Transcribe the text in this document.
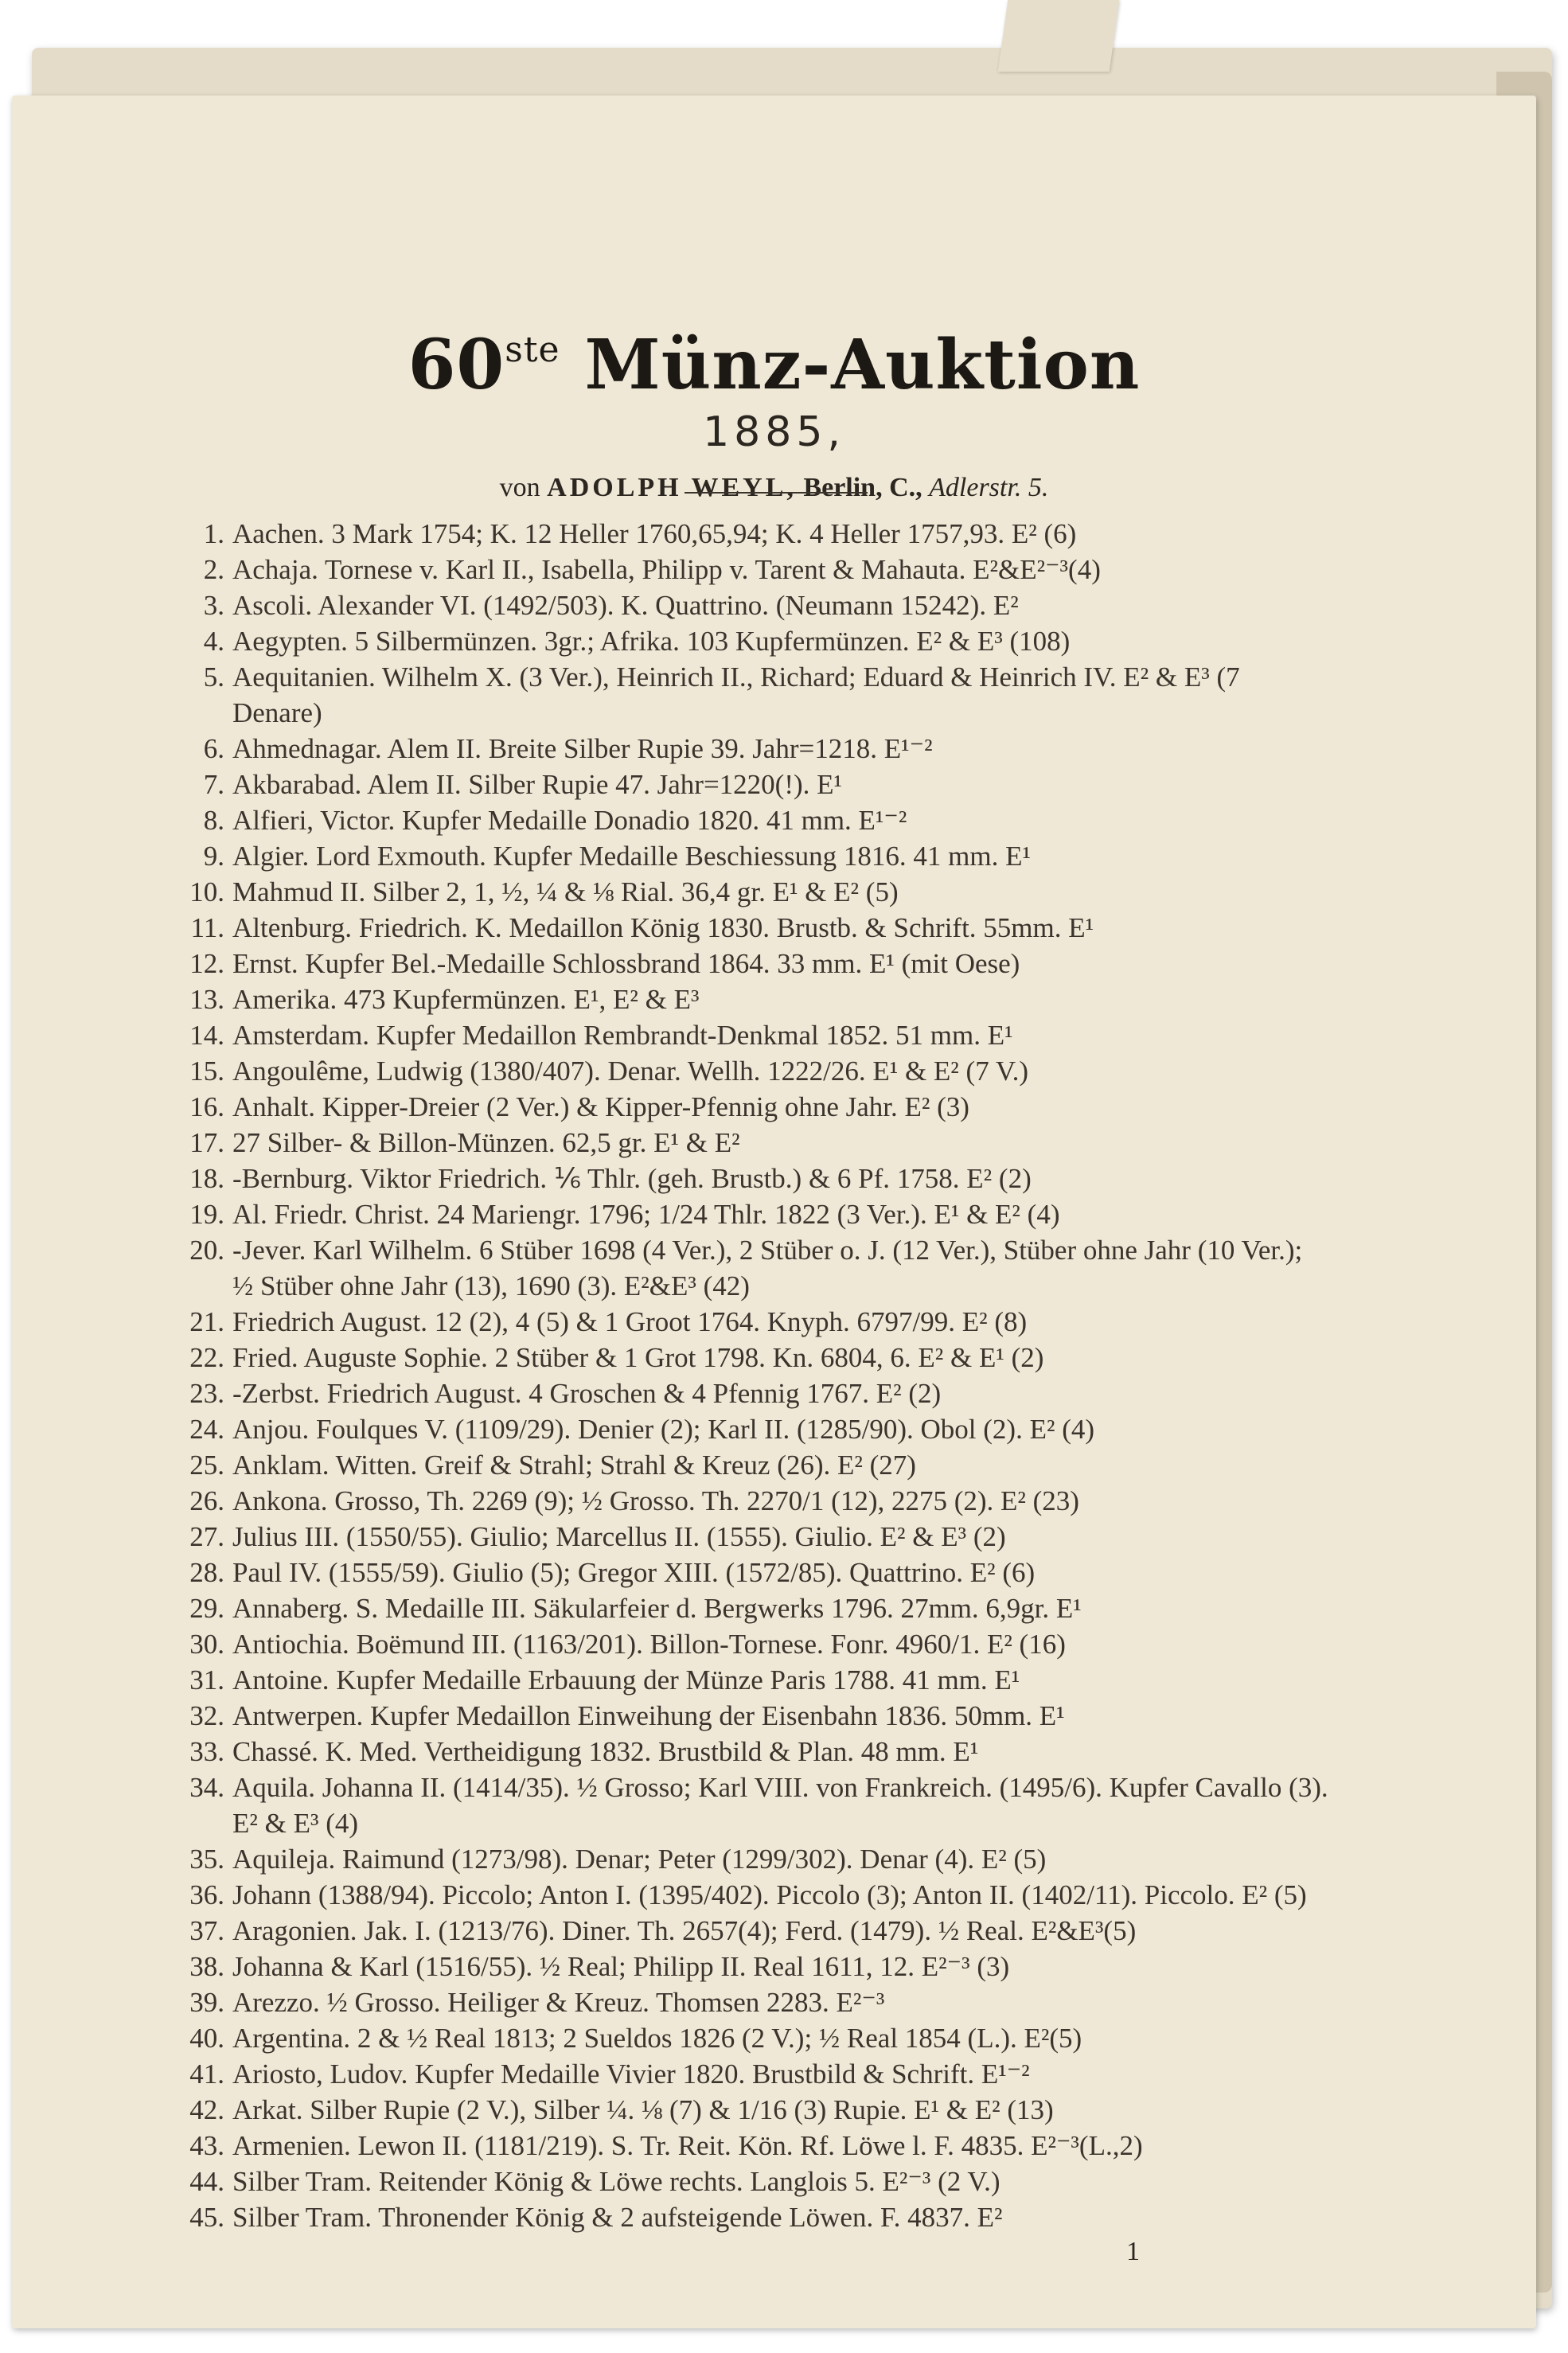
60ste Münz-Auktion
1885,
von ADOLPH WEYL, Berlin, C., Adlerstr. 5.
1. Aachen. 3 Mark 1754; K. 12 Heller 1760,65,94; K. 4 Heller 1757,93. E² (6)
2. Achaja. Tornese v. Karl II., Isabella, Philipp v. Tarent & Mahauta. E²&E²⁻³(4)
3. Ascoli. Alexander VI. (1492/503). K. Quattrino. (Neumann 15242). E²
4. Aegypten. 5 Silbermünzen. 3gr.; Afrika. 103 Kupfermünzen. E² & E³ (108)
5. Aequitanien. Wilhelm X. (3 Ver.), Heinrich II., Richard; Eduard & Heinrich IV. E² & E³ (7 Denare)
6. Ahmednagar. Alem II. Breite Silber Rupie 39. Jahr=1218. E¹⁻²
7. Akbarabad. Alem II. Silber Rupie 47. Jahr=1220(!). E¹
8. Alfieri, Victor. Kupfer Medaille Donadio 1820. 41 mm. E¹⁻²
9. Algier. Lord Exmouth. Kupfer Medaille Beschiessung 1816. 41 mm. E¹
10. Mahmud II. Silber 2, 1, ½, ¼ & ⅛ Rial. 36,4 gr. E¹ & E² (5)
11. Altenburg. Friedrich. K. Medaillon König 1830. Brustb. & Schrift. 55mm. E¹
12. Ernst. Kupfer Bel.-Medaille Schlossbrand 1864. 33 mm. E¹ (mit Oese)
13. Amerika. 473 Kupfermünzen. E¹, E² & E³
14. Amsterdam. Kupfer Medaillon Rembrandt-Denkmal 1852. 51 mm. E¹
15. Angoulême, Ludwig (1380/407). Denar. Wellh. 1222/26. E¹ & E² (7 V.)
16. Anhalt. Kipper-Dreier (2 Ver.) & Kipper-Pfennig ohne Jahr. E² (3)
17. 27 Silber- & Billon-Münzen. 62,5 gr. E¹ & E²
18. -Bernburg. Viktor Friedrich. ⅙ Thlr. (geh. Brustb.) & 6 Pf. 1758. E² (2)
19. Al. Friedr. Christ. 24 Mariengr. 1796; 1/24 Thlr. 1822 (3 Ver.). E¹ & E² (4)
20. -Jever. Karl Wilhelm. 6 Stüber 1698 (4 Ver.), 2 Stüber o. J. (12 Ver.), Stüber ohne Jahr (10 Ver.); ½ Stüber ohne Jahr (13), 1690 (3). E²&E³ (42)
21. Friedrich August. 12 (2), 4 (5) & 1 Groot 1764. Knyph. 6797/99. E² (8)
22. Fried. Auguste Sophie. 2 Stüber & 1 Grot 1798. Kn. 6804, 6. E² & E¹ (2)
23. -Zerbst. Friedrich August. 4 Groschen & 4 Pfennig 1767. E² (2)
24. Anjou. Foulques V. (1109/29). Denier (2); Karl II. (1285/90). Obol (2). E² (4)
25. Anklam. Witten. Greif & Strahl; Strahl & Kreuz (26). E² (27)
26. Ankona. Grosso, Th. 2269 (9); ½ Grosso. Th. 2270/1 (12), 2275 (2). E² (23)
27. Julius III. (1550/55). Giulio; Marcellus II. (1555). Giulio. E² & E³ (2)
28. Paul IV. (1555/59). Giulio (5); Gregor XIII. (1572/85). Quattrino. E² (6)
29. Annaberg. S. Medaille III. Säkularfeier d. Bergwerks 1796. 27mm. 6,9gr. E¹
30. Antiochia. Boëmund III. (1163/201). Billon-Tornese. Fonr. 4960/1. E² (16)
31. Antoine. Kupfer Medaille Erbauung der Münze Paris 1788. 41 mm. E¹
32. Antwerpen. Kupfer Medaillon Einweihung der Eisenbahn 1836. 50mm. E¹
33. Chassé. K. Med. Vertheidigung 1832. Brustbild & Plan. 48 mm. E¹
34. Aquila. Johanna II. (1414/35). ½ Grosso; Karl VIII. von Frankreich. (1495/6). Kupfer Cavallo (3). E² & E³ (4)
35. Aquileja. Raimund (1273/98). Denar; Peter (1299/302). Denar (4). E² (5)
36. Johann (1388/94). Piccolo; Anton I. (1395/402). Piccolo (3); Anton II. (1402/11). Piccolo. E² (5)
37. Aragonien. Jak. I. (1213/76). Diner. Th. 2657(4); Ferd. (1479). ½ Real. E²&E³(5)
38. Johanna & Karl (1516/55). ½ Real; Philipp II. Real 1611, 12. E²⁻³ (3)
39. Arezzo. ½ Grosso. Heiliger & Kreuz. Thomsen 2283. E²⁻³
40. Argentina. 2 & ½ Real 1813; 2 Sueldos 1826 (2 V.); ½ Real 1854 (L.). E²(5)
41. Ariosto, Ludov. Kupfer Medaille Vivier 1820. Brustbild & Schrift. E¹⁻²
42. Arkat. Silber Rupie (2 V.), Silber ¼. ⅛ (7) & 1/16 (3) Rupie. E¹ & E² (13)
43. Armenien. Lewon II. (1181/219). S. Tr. Reit. Kön. Rf. Löwe l. F. 4835. E²⁻³(L.,2)
44. Silber Tram. Reitender König & Löwe rechts. Langlois 5. E²⁻³ (2 V.)
45. Silber Tram. Thronender König & 2 aufsteigende Löwen. F. 4837. E²
1
